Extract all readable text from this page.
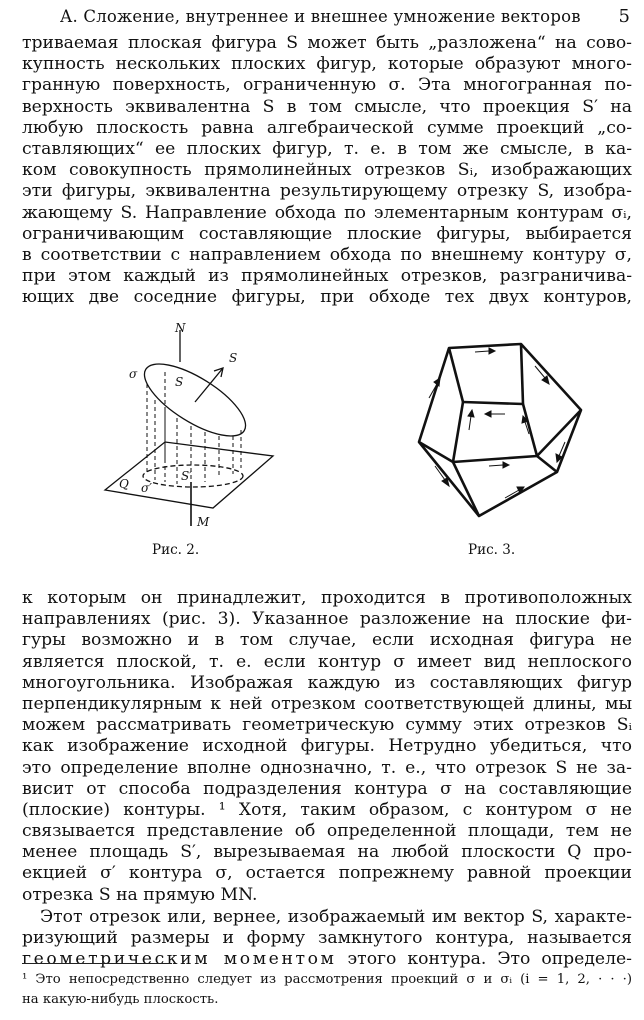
А. Сложение, внутреннее и внешнее умножение векторов	5
триваемая плоская фигура S может быть „разложена“ на сово-
купность нескольких плоских фигур, которые образуют много-
гранную поверхность, ограниченную σ. Эта многогранная по-
верхность эквивалентна S в том смысле, что проекция S′ на
любую плоскость равна алгебраической сумме проекций „со-
ставляющих“ ее плоских фигур, т. е. в том же смысле, в ка-
ком совокупность прямолинейных отрезков Sᵢ, изображающих
эти фигуры, эквивалентна результирующему отрезку S, изобра-
жающему S. Направление обхода по элементарным контурам σᵢ,
ограничивающим составляющие плоские фигуры, выбирается
в соответствии с направлением обхода по внешнему контуру σ,
при этом каждый из прямолинейных отрезков, разграничива-
ющих две соседние фигуры, при обходе тех двух контуров,
N
S
σ
S
S′
Q σ′
M
Рис. 2.	Рис. 3.
к которым он принадлежит, проходится в противоположных
направлениях (рис. 3). Указанное разложение на плоские фи-
гуры возможно и в том случае, если исходная фигура не
является плоской, т. е. если контур σ имеет вид неплоского
многоугольника. Изображая каждую из составляющих фигур
перпендикулярным к ней отрезком соответствующей длины, мы
можем рассматривать геометрическую сумму этих отрезков Sᵢ
как изображение исходной фигуры. Нетрудно убедиться, что
это определение вполне однозначно, т. е., что отрезок S не за-
висит от способа подразделения контура σ на составляющие
(плоские) контуры. ¹ Хотя, таким образом, с контуром σ не
связывается представление об определенной площади, тем не
менее площадь S′, вырезываемая на любой плоскости Q про-
екцией σ′ контура σ, остается попрежнему равной проекции
отрезка S на прямую MN.
Этот отрезок или, вернее, изображаемый им вектор S, характе-
ризующий размеры и форму замкнутого контура, называется
геометрическим моментом этого контура. Это определе-
¹ Это непосредственно следует из рассмотрения проекций σ и σᵢ (i = 1, 2, · · ·)
на какую-нибудь плоскость.
